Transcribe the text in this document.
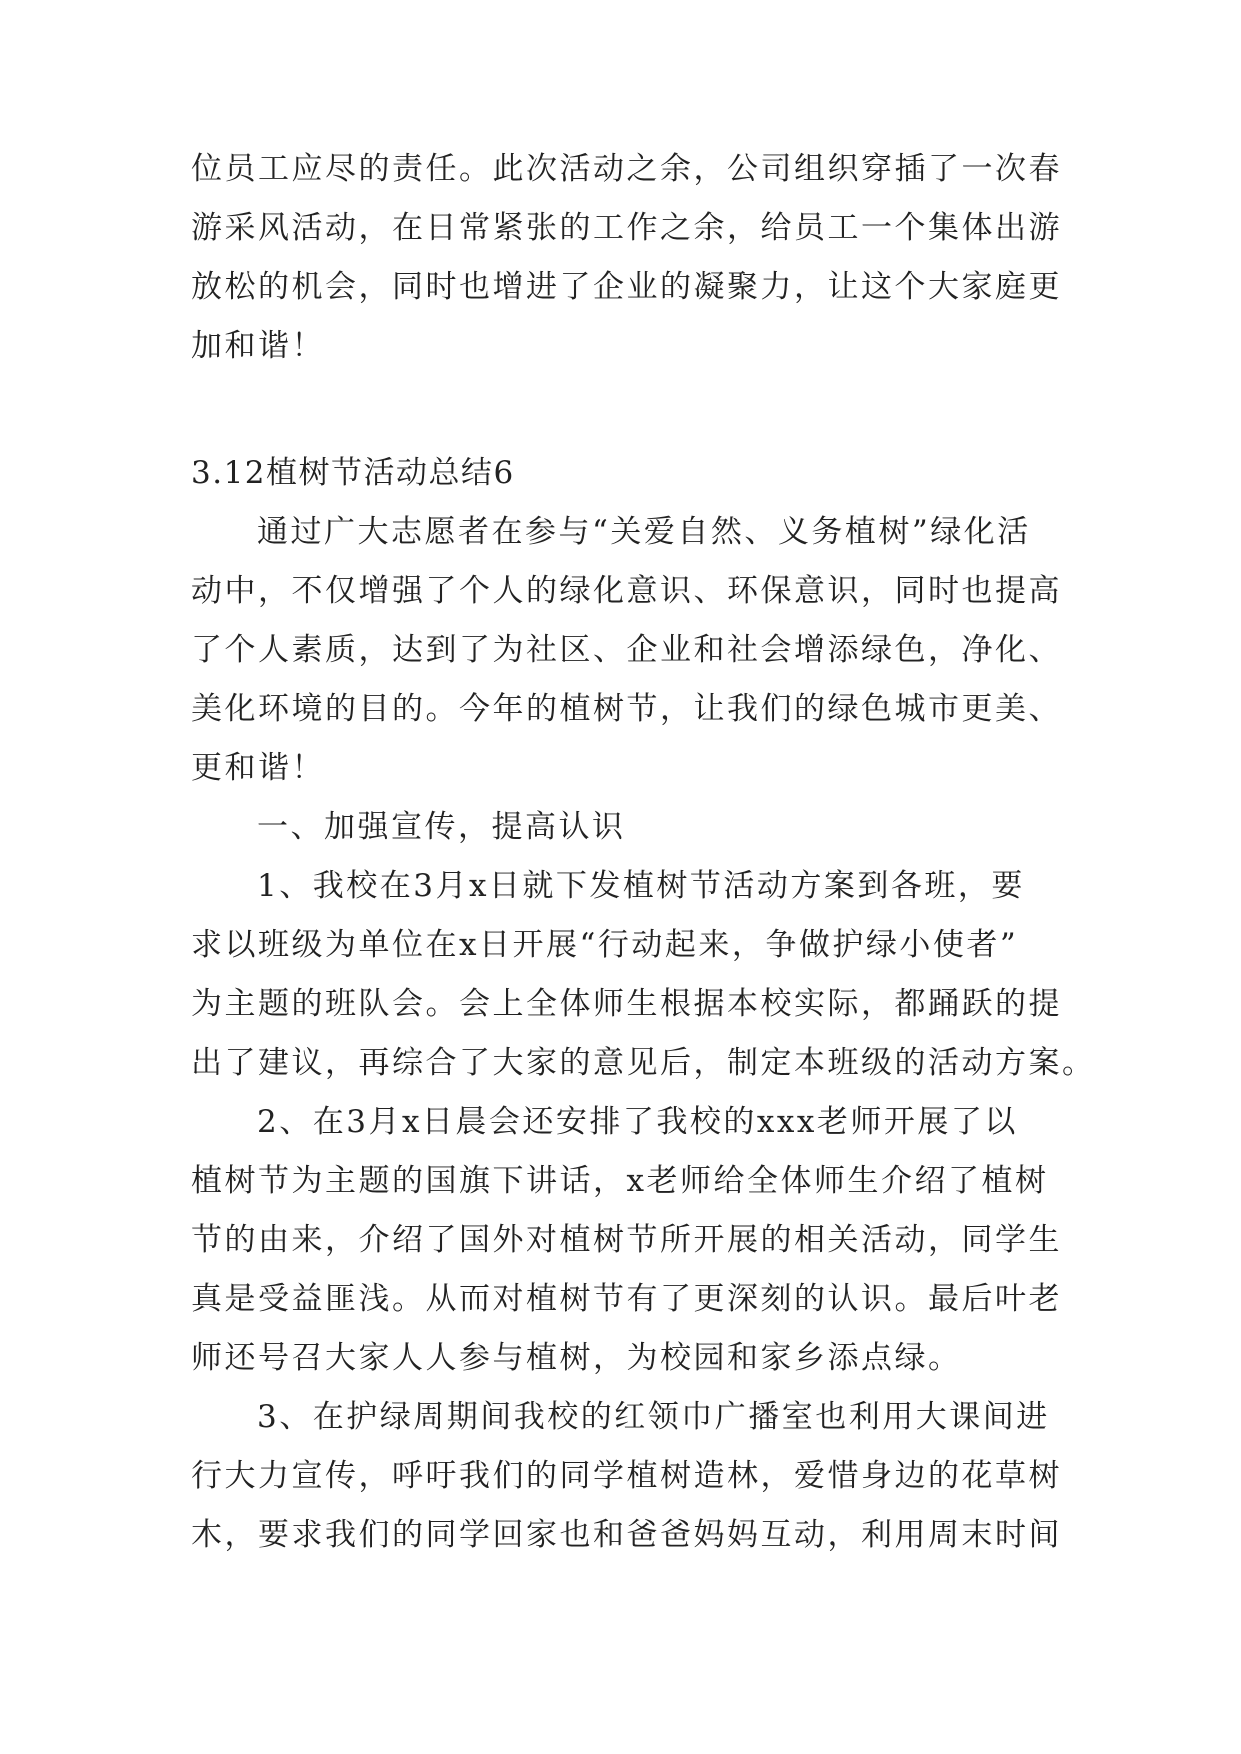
位员工应尽的责任。此次活动之余，公司组织穿插了一次春
游采风活动，在日常紧张的工作之余，给员工一个集体出游
放松的机会，同时也增进了企业的凝聚力，让这个大家庭更
加和谐！
3.12植树节活动总结6
通过广大志愿者在参与“关爱自然、义务植树”绿化活
动中，不仅增强了个人的绿化意识、环保意识，同时也提高
了个人素质，达到了为社区、企业和社会增添绿色，净化、
美化环境的目的。今年的植树节，让我们的绿色城市更美、
更和谐！
一、加强宣传，提高认识
1、我校在3月x日就下发植树节活动方案到各班，要
求以班级为单位在x日开展“行动起来，争做护绿小使者”
为主题的班队会。会上全体师生根据本校实际，都踊跃的提
出了建议，再综合了大家的意见后，制定本班级的活动方案。
2、在3月x日晨会还安排了我校的xxx老师开展了以
植树节为主题的国旗下讲话，x老师给全体师生介绍了植树
节的由来，介绍了国外对植树节所开展的相关活动，同学生
真是受益匪浅。从而对植树节有了更深刻的认识。最后叶老
师还号召大家人人参与植树，为校园和家乡添点绿。
3、在护绿周期间我校的红领巾广播室也利用大课间进
行大力宣传，呼吁我们的同学植树造林，爱惜身边的花草树
木，要求我们的同学回家也和爸爸妈妈互动，利用周末时间
